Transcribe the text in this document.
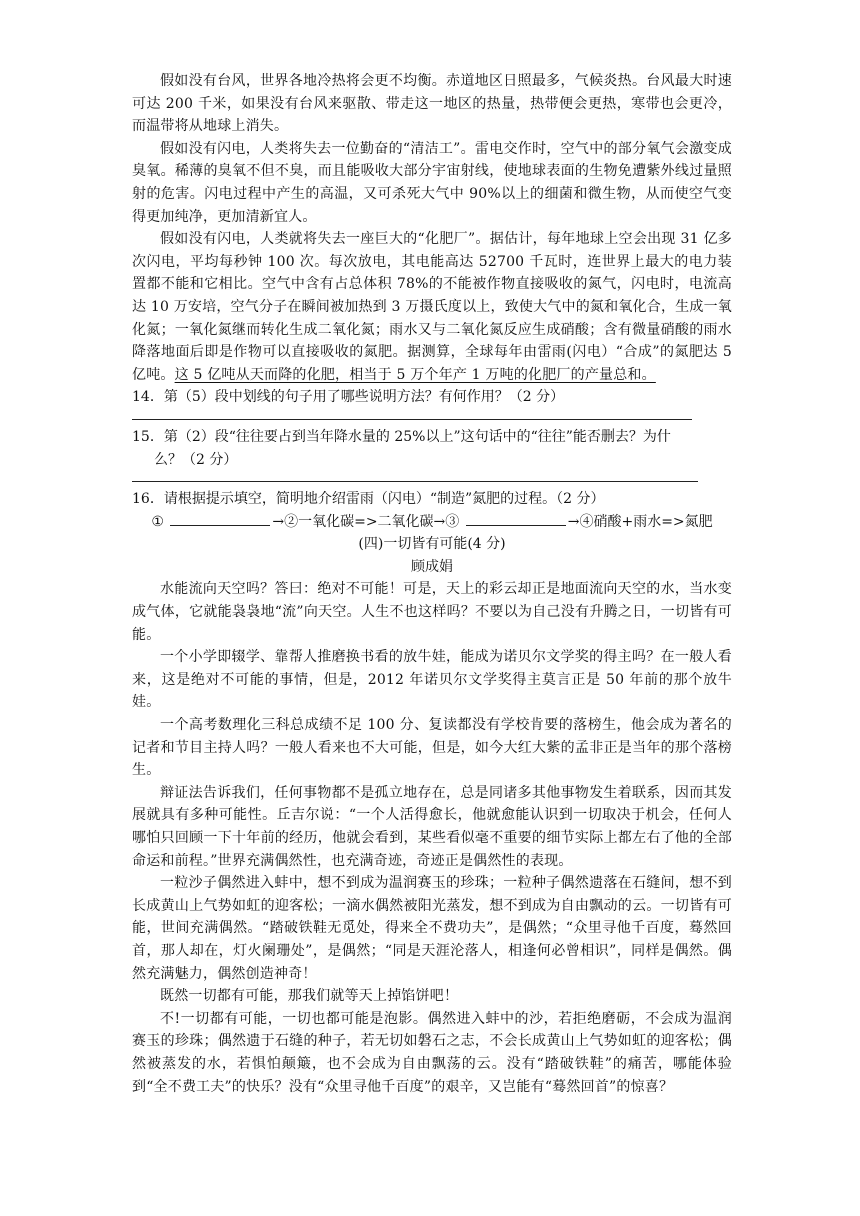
假如没有台风，世界各地冷热将会更不均衡。赤道地区日照最多，气候炎热。台风最大时速可达 200 千米，如果没有台风来驱散、带走这一地区的热量，热带便会更热，寒带也会更冷，而温带将从地球上消失。

假如没有闪电，人类将失去一位勤奋的“清洁工”。雷电交作时，空气中的部分氧气会激变成臭氧。稀薄的臭氧不但不臭，而且能吸收大部分宇宙射线，使地球表面的生物免遭紫外线过量照射的危害。闪电过程中产生的高温，又可杀死大气中 90%以上的细菌和微生物，从而使空气变得更加纯净，更加清新宜人。

假如没有闪电，人类就将失去一座巨大的“化肥厂”。据估计，每年地球上空会出现 31 亿多次闪电，平均每秒钟 100 次。每次放电，其电能高达 52700 千瓦时，连世界上最大的电力装置都不能和它相比。空气中含有占总体积 78%的不能被作物直接吸收的氮气，闪电时，电流高达 10 万安培，空气分子在瞬间被加热到 3 万摄氏度以上，致使大气中的氮和氧化合，生成一氧化氮；一氧化氮继而转化生成二氧化氮；雨水又与二氧化氮反应生成硝酸；含有微量硝酸的雨水降落地面后即是作物可以直接吸收的氮肥。据测算，全球每年由雷雨(闪电）“合成”的氮肥达 5 亿吨。这 5 亿吨从天而降的化肥，相当于 5 万个年产 1 万吨的化肥厂的产量总和。

14．第（5）段中划线的句子用了哪些说明方法？有何作用？（2 分）

15．第（2）段“往往要占到当年降水量的 25%以上”这句话中的“往往”能否删去？为什
么？（2 分）

16．请根据提示填空，简明地介绍雷雨（闪电）“制造”氮肥的过程。（2 分）

①	→②一氧化碳=>二氧化碳→③	→④硝酸+雨水=>氮肥

(四)一切皆有可能(4 分)

顾成娟

水能流向天空吗？答曰：绝对不可能！可是，天上的彩云却正是地面流向天空的水，当水变成气体，它就能袅袅地“流”向天空。人生不也这样吗？不要以为自己没有升腾之日，一切皆有可能。

一个小学即辍学、靠帮人推磨换书看的放牛娃，能成为诺贝尔文学奖的得主吗？在一般人看来，这是绝对不可能的事情，但是，2012 年诺贝尔文学奖得主莫言正是 50 年前的那个放牛娃。

一个高考数理化三科总成绩不足 100 分、复读都没有学校肯要的落榜生，他会成为著名的记者和节目主持人吗？一般人看来也不大可能，但是，如今大红大紫的孟非正是当年的那个落榜生。

辩证法告诉我们，任何事物都不是孤立地存在，总是同诸多其他事物发生着联系，因而其发展就具有多种可能性。丘吉尔说：“一个人活得愈长，他就愈能认识到一切取决于机会，任何人哪怕只回顾一下十年前的经历，他就会看到，某些看似毫不重要的细节实际上都左右了他的全部命运和前程。”世界充满偶然性，也充满奇迹，奇迹正是偶然性的表现。

一粒沙子偶然进入蚌中，想不到成为温润赛玉的珍珠；一粒种子偶然遗落在石缝间，想不到长成黄山上气势如虹的迎客松；一滴水偶然被阳光蒸发，想不到成为自由飘动的云。一切皆有可能，世间充满偶然。“踏破铁鞋无觅处，得来全不费功夫”，是偶然；“众里寻他千百度，蓦然回首，那人却在，灯火阑珊处”，是偶然；“同是天涯沦落人，相逢何必曾相识”，同样是偶然。偶然充满魅力，偶然创造神奇！

既然一切都有可能，那我们就等天上掉馅饼吧！

不!一切都有可能，一切也都可能是泡影。偶然进入蚌中的沙，若拒绝磨砺，不会成为温润赛玉的珍珠；偶然遗于石缝的种子，若无切如磐石之志，不会长成黄山上气势如虹的迎客松；偶然被蒸发的水，若惧怕颠簸，也不会成为自由飘荡的云。没有“踏破铁鞋”的痛苦，哪能体验到“全不费工夫”的快乐？没有“众里寻他千百度”的艰辛，又岂能有“蓦然回首”的惊喜？
